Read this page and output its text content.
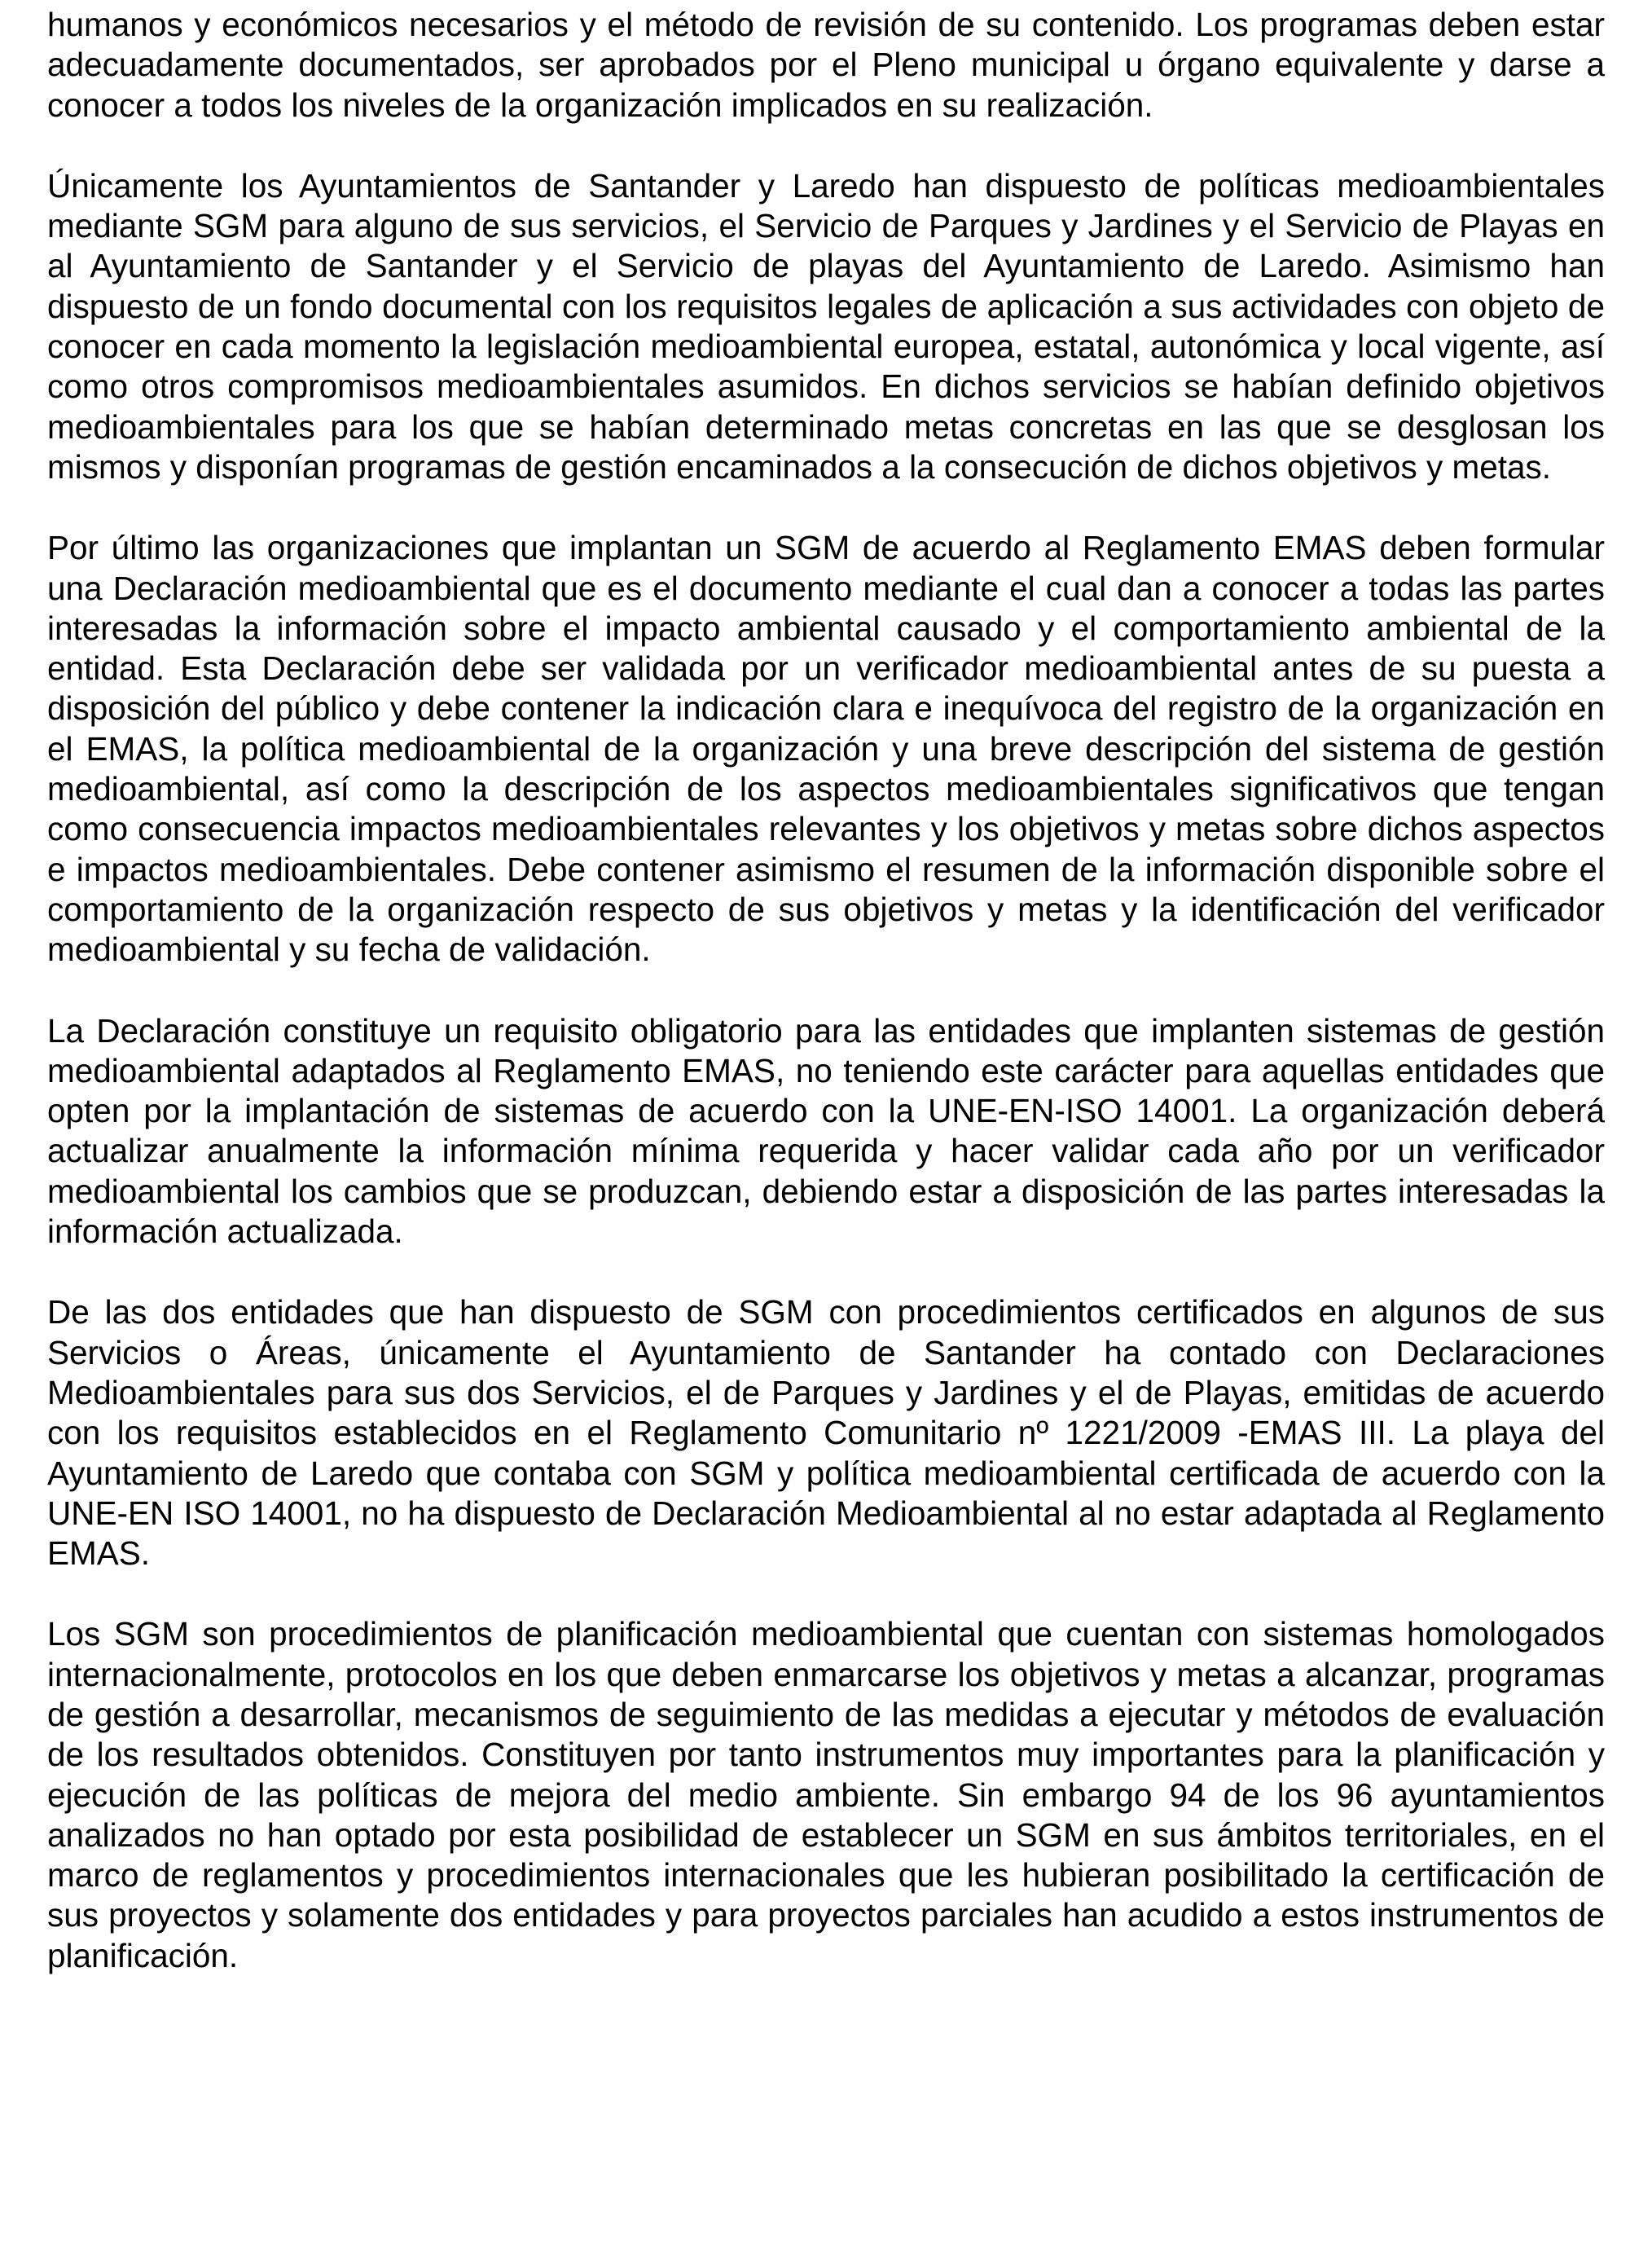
humanos y económicos necesarios y el método de revisión de su contenido. Los programas deben estar adecuadamente documentados, ser aprobados por el Pleno municipal u órgano equivalente y darse a conocer a todos los niveles de la organización implicados en su realización.

Únicamente los Ayuntamientos de Santander y Laredo han dispuesto de políticas medioambientales mediante SGM para alguno de sus servicios, el Servicio de Parques y Jardines y el Servicio de Playas en al Ayuntamiento de Santander y el Servicio de playas del Ayuntamiento de Laredo. Asimismo han dispuesto de un fondo documental con los requisitos legales de aplicación a sus actividades con objeto de conocer en cada momento la legislación medioambiental europea, estatal, autonómica y local vigente, así como otros compromisos medioambientales asumidos. En dichos servicios se habían definido objetivos medioambientales para los que se habían determinado metas concretas en las que se desglosan los mismos y disponían programas de gestión encaminados a la consecución de dichos objetivos y metas.

Por último las organizaciones que implantan un SGM de acuerdo al Reglamento EMAS deben formular una Declaración medioambiental que es el documento mediante el cual dan a conocer a todas las partes interesadas la información sobre el impacto ambiental causado y el comportamiento ambiental de la entidad. Esta Declaración debe ser validada por un verificador medioambiental antes de su puesta a disposición del público y debe contener la indicación clara e inequívoca del registro de la organización en el EMAS, la política medioambiental de la organización y una breve descripción del sistema de gestión medioambiental, así como la descripción de los aspectos medioambientales significativos que tengan como consecuencia impactos medioambientales relevantes y los objetivos y metas sobre dichos aspectos e impactos medioambientales. Debe contener asimismo el resumen de la información disponible sobre el comportamiento de la organización respecto de sus objetivos y metas y la identificación del verificador medioambiental y su fecha de validación.

La Declaración constituye un requisito obligatorio para las entidades que implanten sistemas de gestión medioambiental adaptados al Reglamento EMAS, no teniendo este carácter para aquellas entidades que opten por la implantación de sistemas de acuerdo con la UNE-EN-ISO 14001. La organización deberá actualizar anualmente la información mínima requerida y hacer validar cada año por un verificador medioambiental los cambios que se produzcan, debiendo estar a disposición de las partes interesadas la información actualizada.

De las dos entidades que han dispuesto de SGM con procedimientos certificados en algunos de sus Servicios o Áreas, únicamente el Ayuntamiento de Santander ha contado con Declaraciones Medioambientales para sus dos Servicios, el de Parques y Jardines y el de Playas, emitidas de acuerdo con los requisitos establecidos en el Reglamento Comunitario nº 1221/2009 -EMAS III. La playa del Ayuntamiento de Laredo que contaba con SGM y política medioambiental certificada de acuerdo con la UNE-EN ISO 14001, no ha dispuesto de Declaración Medioambiental al no estar adaptada al Reglamento EMAS.

Los SGM son procedimientos de planificación medioambiental que cuentan con sistemas homologados internacionalmente, protocolos en los que deben enmarcarse los objetivos y metas a alcanzar, programas de gestión a desarrollar, mecanismos de seguimiento de las medidas a ejecutar y métodos de evaluación de los resultados obtenidos. Constituyen por tanto instrumentos muy importantes para la planificación y ejecución de las políticas de mejora del medio ambiente. Sin embargo 94 de los 96 ayuntamientos analizados no han optado por esta posibilidad de establecer un SGM en sus ámbitos territoriales, en el marco de reglamentos y procedimientos internacionales que les hubieran posibilitado la certificación de sus proyectos y solamente dos entidades y para proyectos parciales han acudido a estos instrumentos de planificación.
